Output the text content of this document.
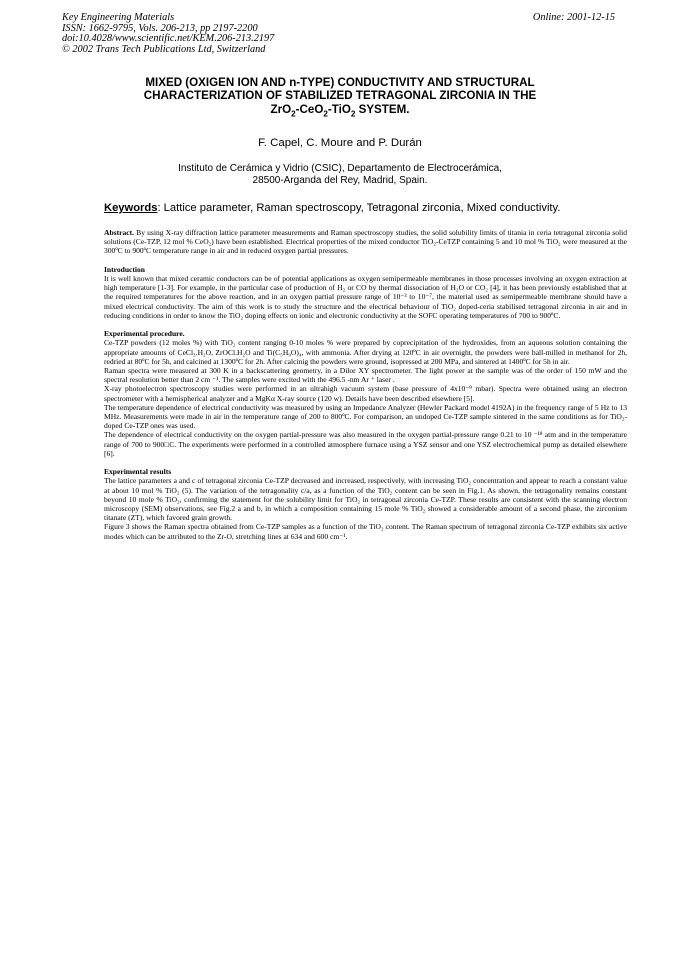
Key Engineering Materials
ISSN: 1662-9795, Vols. 206-213, pp 2197-2200
doi:10.4028/www.scientific.net/KEM.206-213.2197
© 2002 Trans Tech Publications Ltd, Switzerland
Online: 2001-12-15
MIXED (OXIGEN ION AND n-TYPE) CONDUCTIVITY AND STRUCTURAL
CHARACTERIZATION OF STABILIZED TETRAGONAL ZIRCONIA IN THE
ZrO$_2$-CeO$_2$-TiO$_2$ SYSTEM.
F. Capel, C. Moure and P. Durán
Instituto de Cerámica y Vidrio (CSIC), Departamento de Electrocerámica,
28500-Arganda del Rey, Madrid, Spain.
Keywords: Lattice parameter, Raman spectroscopy, Tetragonal zirconia, Mixed conductivity.

Abstract. By using X-ray diffraction lattice parameter measurements and Raman spectroscopy studies, the solid solubility limits of titania in ceria tetragonal zirconia solid solutions (Ce-TZP, 12 mol % CeO₂) have been established. Electrical properties of the mixed conductor TiO₂-CeTZP containing 5 and 10 mol % TiO₂ were measured at the 300ºC to 900ºC temperature range in air and in reduced oxygen partial pressures.

Introduction

It is well known that mixed ceramic conductors can be of potential applications as oxygen semipermeable membranes in those processes involving an oxygen extraction at high temperature [1-3]. For example, in the particular case of production of H₂ or CO by thermal dissociation of H₂O or CO₂ [4], it has been previously established that at the required temperatures for the above reaction, and in an oxygen partial pressure range of 10⁻³ to 10⁻⁷, the material used as semipermeable membrane should have a mixed electrical conductivity. The aim of this work is to study the structure and the electrical behaviour of TiO₂ doped-ceria stabilised tetragonal zirconia in air and in reducing conditions in order to know the TiO₂ doping effects on ionic and electronic conductivity at the SOFC operating temperatures of 700 to 900ºC.

Experimental procedure.

Ce-TZP powders (12 moles %) with TiO₂ content ranging 0-10 moles % were prepared by coprecipitation of the hydroxides, from an aqueous solution containing the appropriate amounts of CeCl₃.H₂O, ZrOCl.H₂O and Ti(C₅H₉O)₄, with ammonia. After drying at 120ºC in air overnight, the powders were ball-milled in methanol for 2h, redried at 80ºC for 5h, and calcined at 1300ºC for 2h. After calcinig the powders were ground, isopressed at 200 MPa, and sintered at 1400ºC for 5h in air.

Raman spectra were measured at 300 K in a backscattering geometry, in a Dilor XY spectrometer. The light power at the sample was of the order of 150 mW and the spectral resolution better than 2 cm ⁻¹. The samples were excited with the 496.5 -nm Ar ⁺ laser .

X-ray photoelectron spectroscopy studies were performed in an ultrahigh vacuum system (base pressure of 4x10⁻⁹ mbar). Spectra were obtained using an electron spectrometer with a hemispherical analyzer and a MgKα X-ray source (120 w). Details have been described elsewhere [5].

The temperature dependence of electrical conductivity was measured by using an Impedance Analyzer (Hewler Packard model 4192A) in the frequency range of 5 Hz to 13 MHz. Measurements were made in air in the temperature range of 200 to 800ºC. For comparison, an undoped Ce-TZP sample sintered in the same conditions as for TiO₂-doped Ce-TZP ones was used.

The dependence of electrical conductivity on the oxygen partial-pressure was also measured in the oxygen partial-pressure range 0.21 to 10 ⁻¹⁸ atm and in the temperature range of 700 to 900□C. The experiments were performed in a controlled atmosphere furnace using a YSZ sensor and one YSZ electrochemical pump as detailed elsewhere [6].

Experimental results

The lattice parameters a and c of tetragonal zirconia Ce-TZP decreased and increased, respectively, with increasing TiO₂ concentration and appear to reach a constant value at about 10 mol % TiO₂ (5). The variation of the tetragonality c/a, as a function of the TiO₂ content can be seen in Fig.1. As shown, the tetragonality remains constant beyond 10 mole % TiO₂, confirming the statement for the solubility limit for TiO₂ in tetragonal zirconia Ce-TZP. These results are consistent with the scanning electron microscopy (SEM) observations, see Fig.2 a and b, in which a composition containing 15 mole % TiO₂ showed a considerable amount of a second phase, the zirconium titanate (ZT), which favored grain growth.

Figure 3 shows the Raman spectra obtained from Ce-TZP samples as a function of the TiO₂ content. The Raman spectrum of tetragonal zirconia Ce-TZP exhibits six active modes which can be attributed to the Zr-O, stretching lines at 634 and 600 cm⁻¹.
